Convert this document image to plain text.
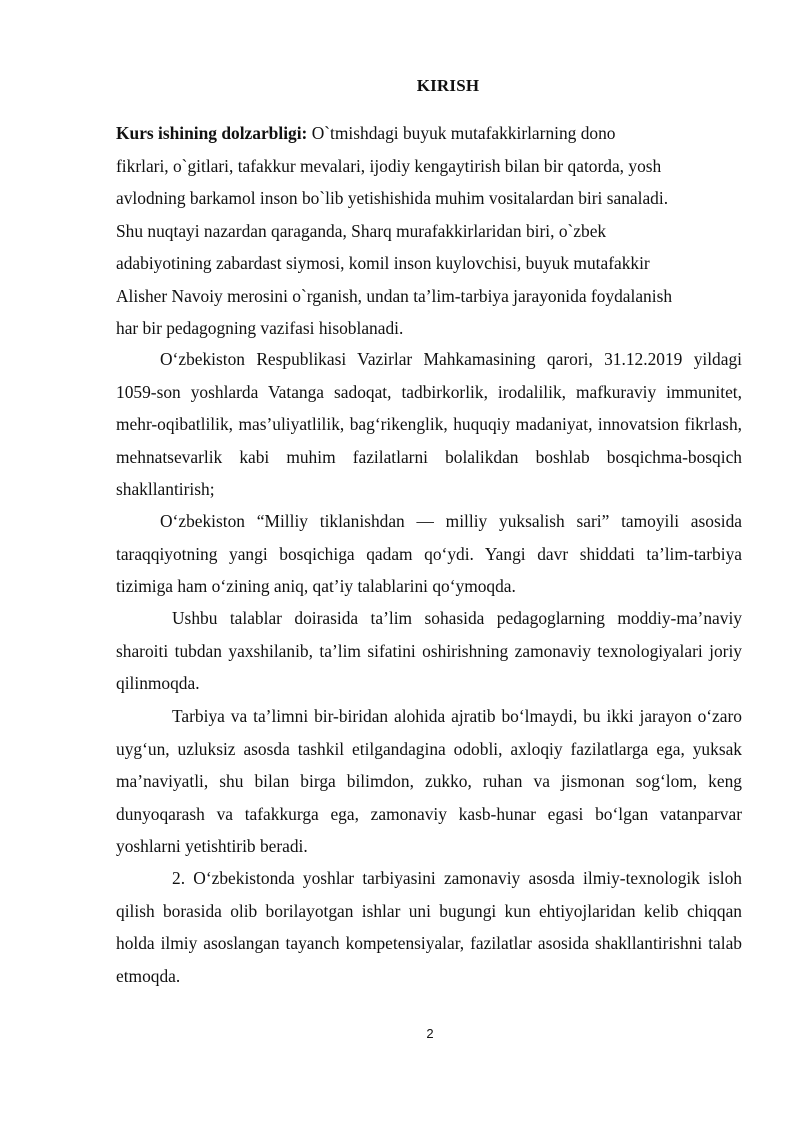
KIRISH

Kurs ishining dolzarbligi: O`tmishdagi buyuk mutafakkirlarning dono
fikrlari, o`gitlari, tafakkur mevalari, ijodiy kengaytirish bilan bir qatorda, yosh
avlodning barkamol inson bo`lib yetishishida muhim vositalardan biri sanaladi.
Shu nuqtayi nazardan qaraganda, Sharq murafakkirlaridan biri, o`zbek
adabiyotining zabardast siymosi, komil inson kuylovchisi, buyuk mutafakkir
Alisher Navoiy merosini o`rganish, undan ta’lim-tarbiya jarayonida foydalanish
har bir pedagogning vazifasi hisoblanadi.

O‘zbekiston Respublikasi Vazirlar Mahkamasining qarori, 31.12.2019 yildagi 1059-son yoshlarda Vatanga sadoqat, tadbirkorlik, irodalilik, mafkuraviy immunitet, mehr-oqibatlilik, mas’uliyatlilik, bag‘rikenglik, huquqiy madaniyat, innovatsion fikrlash, mehnatsevarlik kabi muhim fazilatlarni bolalikdan boshlab bosqichma-bosqich shakllantirish;

O‘zbekiston “Milliy tiklanishdan — milliy yuksalish sari” tamoyili asosida taraqqiyotning yangi bosqichiga qadam qo‘ydi. Yangi davr shiddati ta’lim-tarbiya tizimiga ham o‘zining aniq, qat’iy talablarini qo‘ymoqda.

Ushbu talablar doirasida ta’lim sohasida pedagoglarning moddiy-ma’naviy sharoiti tubdan yaxshilanib, ta’lim sifatini oshirishning zamonaviy texnologiyalari joriy qilinmoqda.

Tarbiya va ta’limni bir-biridan alohida ajratib bo‘lmaydi, bu ikki jarayon o‘zaro uyg‘un, uzluksiz asosda tashkil etilgandagina odobli, axloqiy fazilatlarga ega, yuksak ma’naviyatli, shu bilan birga bilimdon, zukko, ruhan va jismonan sog‘lom, keng dunyoqarash va tafakkurga ega, zamonaviy kasb-hunar egasi bo‘lgan vatanparvar yoshlarni yetishtirib beradi.

2. O‘zbekistonda yoshlar tarbiyasini zamonaviy asosda ilmiy-texnologik isloh qilish borasida olib borilayotgan ishlar uni bugungi kun ehtiyojlaridan kelib chiqqan holda ilmiy asoslangan tayanch kompetensiyalar, fazilatlar asosida shakllantirishni talab etmoqda.

2
